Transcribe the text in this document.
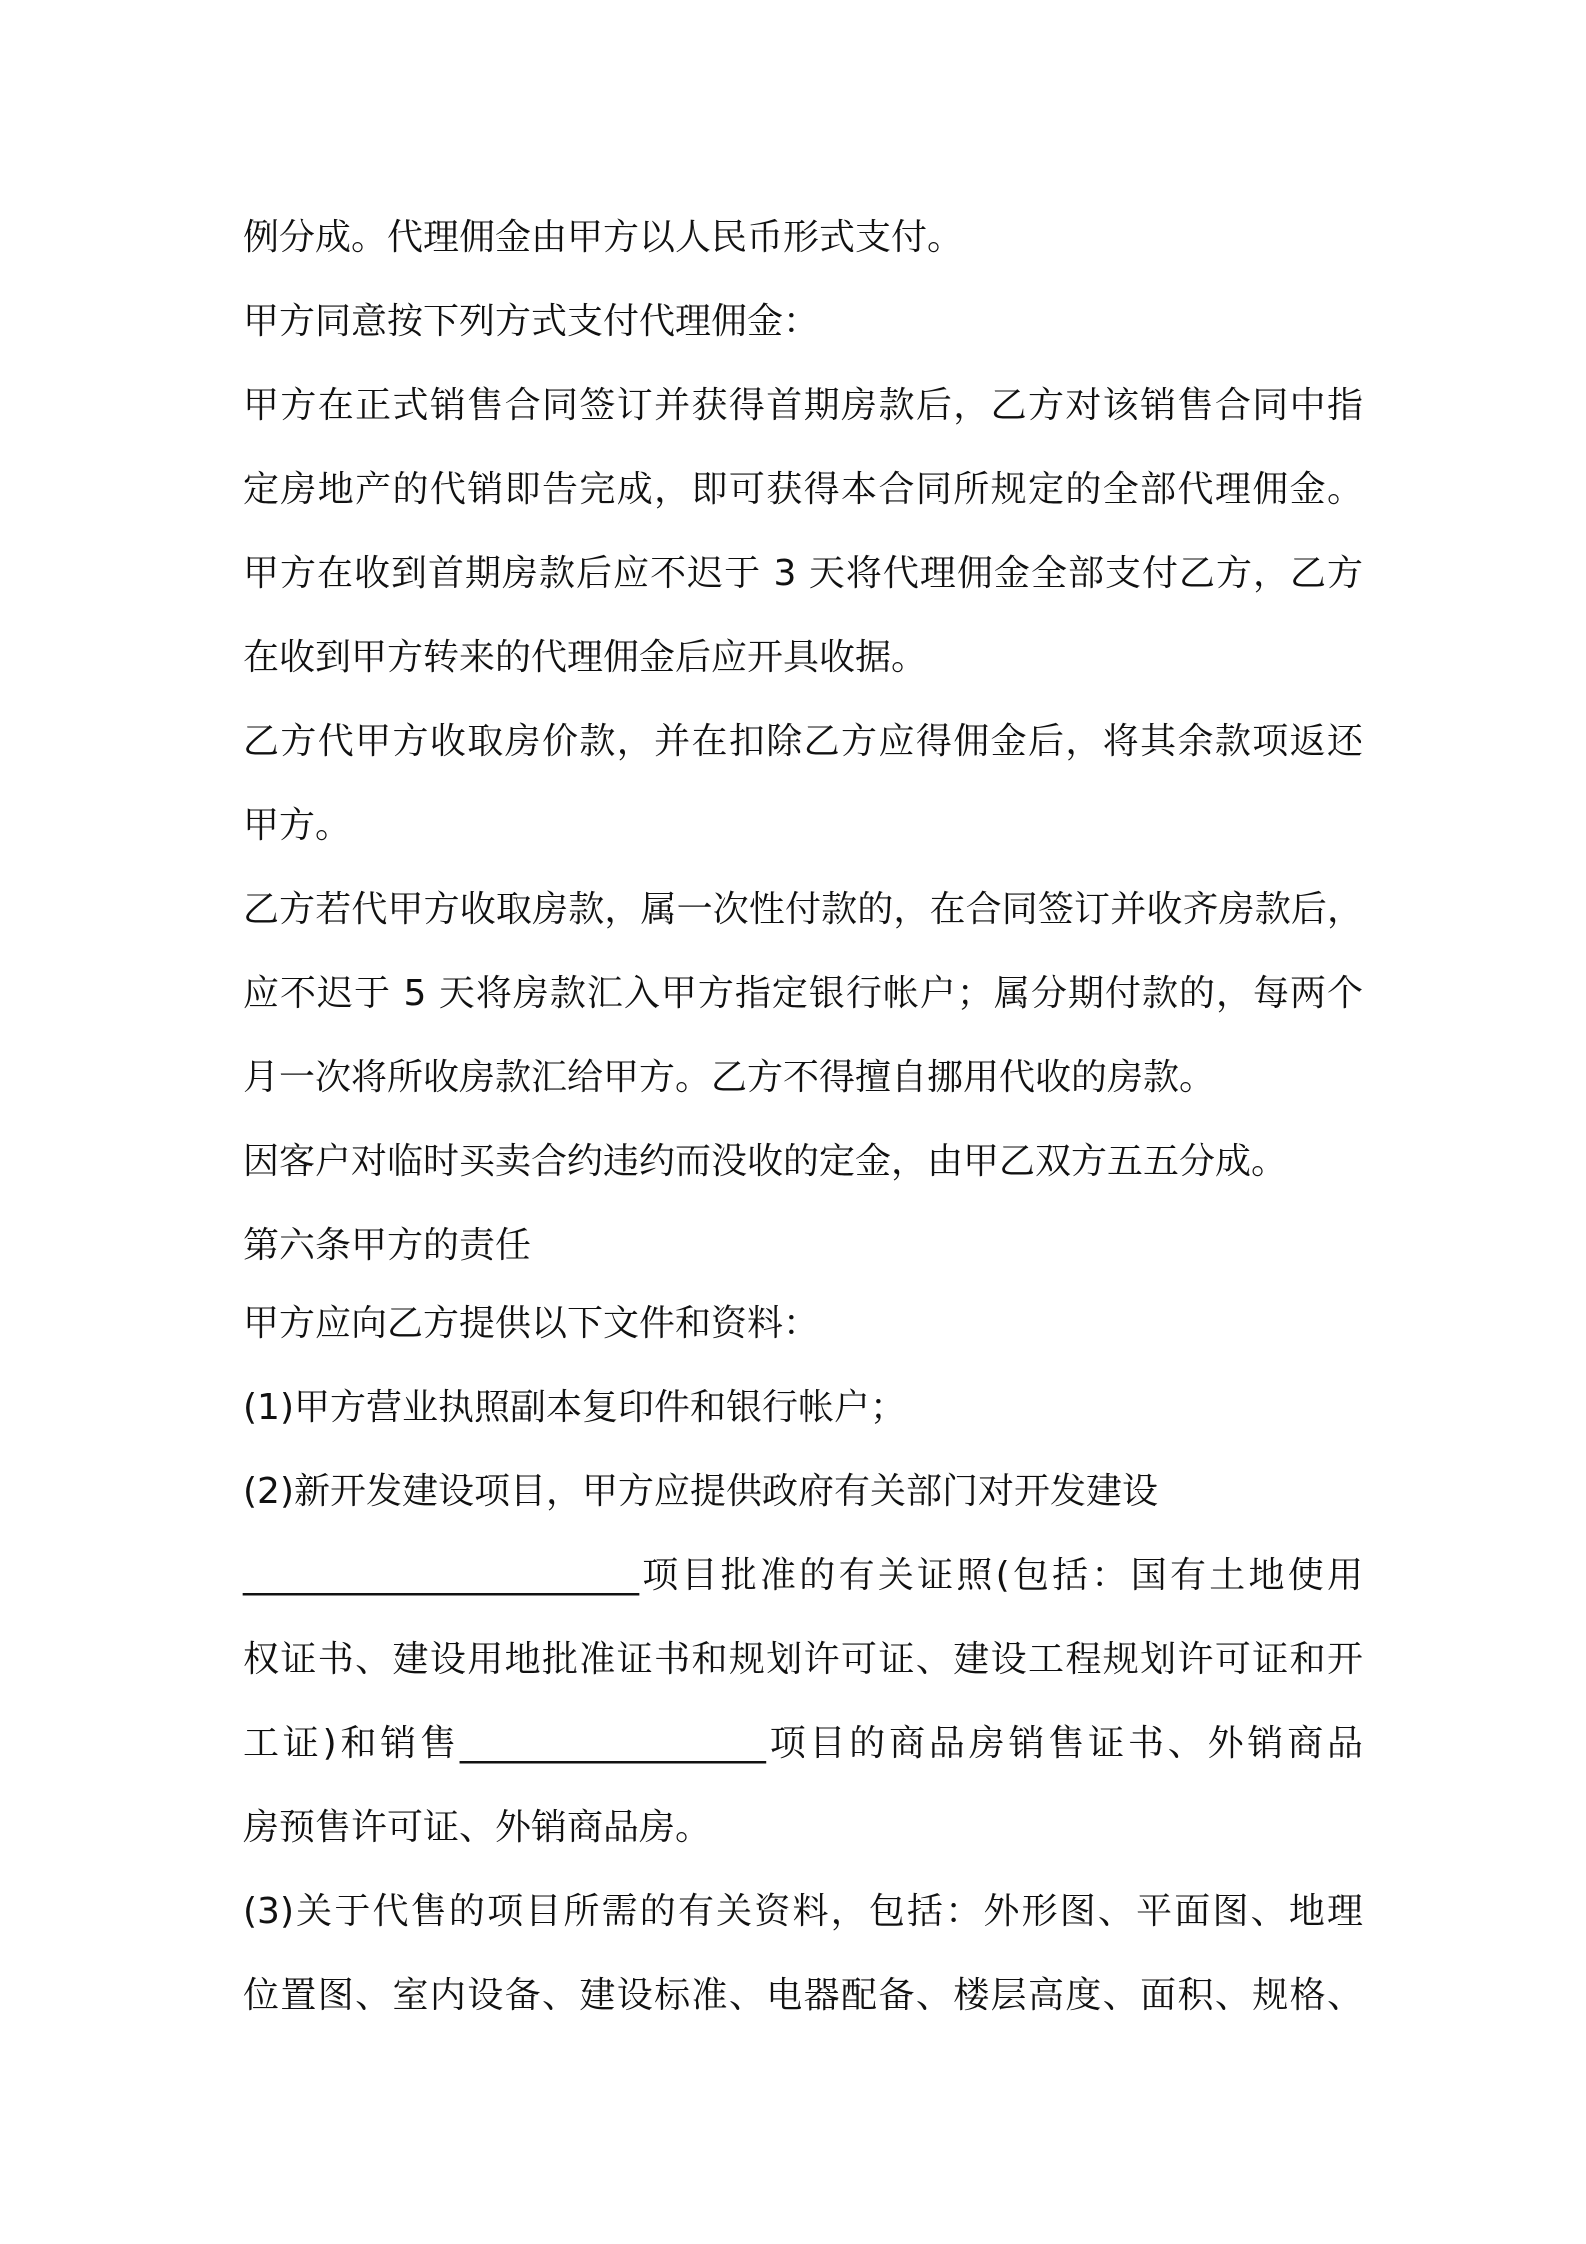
例分成。代理佣金由甲方以人民币形式支付。
甲方同意按下列方式支付代理佣金：
甲方在正式销售合同签订并获得首期房款后，乙方对该销售合同中指
定房地产的代销即告完成，即可获得本合同所规定的全部代理佣金。
甲方在收到首期房款后应不迟于 3 天将代理佣金全部支付乙方，乙方
在收到甲方转来的代理佣金后应开具收据。
乙方代甲方收取房价款，并在扣除乙方应得佣金后，将其余款项返还
甲方。
乙方若代甲方收取房款，属一次性付款的，在合同签订并收齐房款后，
应不迟于 5 天将房款汇入甲方指定银行帐户；属分期付款的，每两个
月一次将所收房款汇给甲方。乙方不得擅自挪用代收的房款。
因客户对临时买卖合约违约而没收的定金，由甲乙双方五五分成。
第六条甲方的责任
甲方应向乙方提供以下文件和资料：
(1)甲方营业执照副本复印件和银行帐户；
(2)新开发建设项目，甲方应提供政府有关部门对开发建设
______________________项目批准的有关证照(包括：国有土地使用
权证书、建设用地批准证书和规划许可证、建设工程规划许可证和开
工证)和销售_________________项目的商品房销售证书、外销商品
房预售许可证、外销商品房。
(3)关于代售的项目所需的有关资料，包括：外形图、平面图、地理
位置图、室内设备、建设标准、电器配备、楼层高度、面积、规格、
